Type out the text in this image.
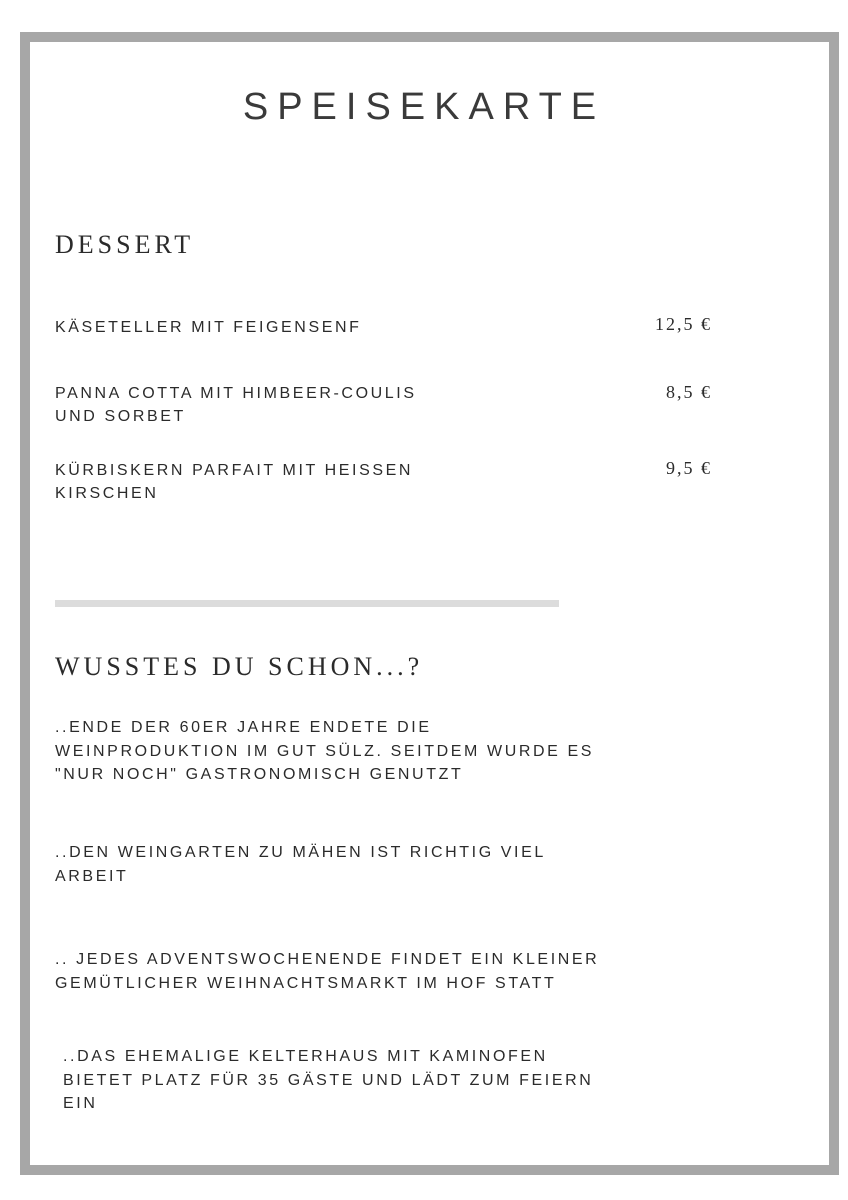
SPEISEKARTE
DESSERT
KÄSETELLER MIT FEIGENSENF	12,5 €
PANNA COTTA MIT HIMBEER-COULIS
UND SORBET
8,5 €
KÜRBISKERN PARFAIT MIT HEISSEN
KIRSCHEN
9,5 €
WUSSTES DU SCHON...?
..ENDE DER 60ER JAHRE ENDETE DIE
WEINPRODUKTION IM GUT SÜLZ. SEITDEM WURDE ES
"NUR NOCH" GASTRONOMISCH GENUTZT
..DEN WEINGARTEN ZU MÄHEN IST RICHTIG VIEL
ARBEIT
.. JEDES ADVENTSWOCHENENDE FINDET EIN KLEINER
GEMÜTLICHER WEIHNACHTSMARKT IM HOF STATT
..DAS EHEMALIGE KELTERHAUS MIT KAMINOFEN
BIETET PLATZ FÜR 35 GÄSTE UND LÄDT ZUM FEIERN
EIN
